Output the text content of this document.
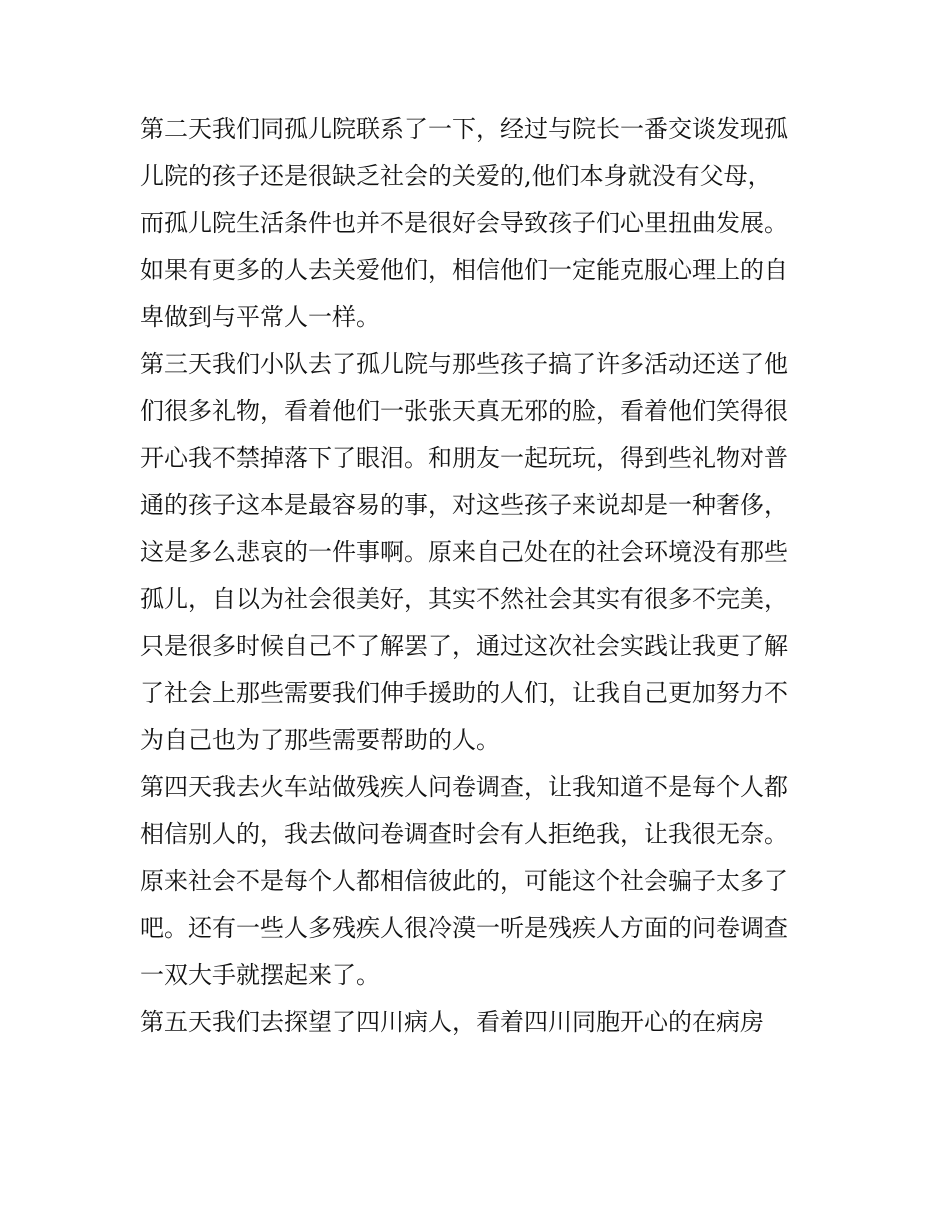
第二天我们同孤儿院联系了一下，经过与院长一番交谈发现孤
儿院的孩子还是很缺乏社会的关爱的,他们本身就没有父母，
而孤儿院生活条件也并不是很好会导致孩子们心里扭曲发展。
如果有更多的人去关爱他们，相信他们一定能克服心理上的自
卑做到与平常人一样。
第三天我们小队去了孤儿院与那些孩子搞了许多活动还送了他
们很多礼物，看着他们一张张天真无邪的脸，看着他们笑得很
开心我不禁掉落下了眼泪。和朋友一起玩玩，得到些礼物对普
通的孩子这本是最容易的事，对这些孩子来说却是一种奢侈，
这是多么悲哀的一件事啊。原来自己处在的社会环境没有那些
孤儿，自以为社会很美好，其实不然社会其实有很多不完美，
只是很多时候自己不了解罢了，通过这次社会实践让我更了解
了社会上那些需要我们伸手援助的人们，让我自己更加努力不
为自己也为了那些需要帮助的人。
第四天我去火车站做残疾人问卷调查，让我知道不是每个人都
相信别人的，我去做问卷调查时会有人拒绝我，让我很无奈。
原来社会不是每个人都相信彼此的，可能这个社会骗子太多了
吧。还有一些人多残疾人很冷漠一听是残疾人方面的问卷调查
一双大手就摆起来了。
第五天我们去探望了四川病人，看着四川同胞开心的在病房
